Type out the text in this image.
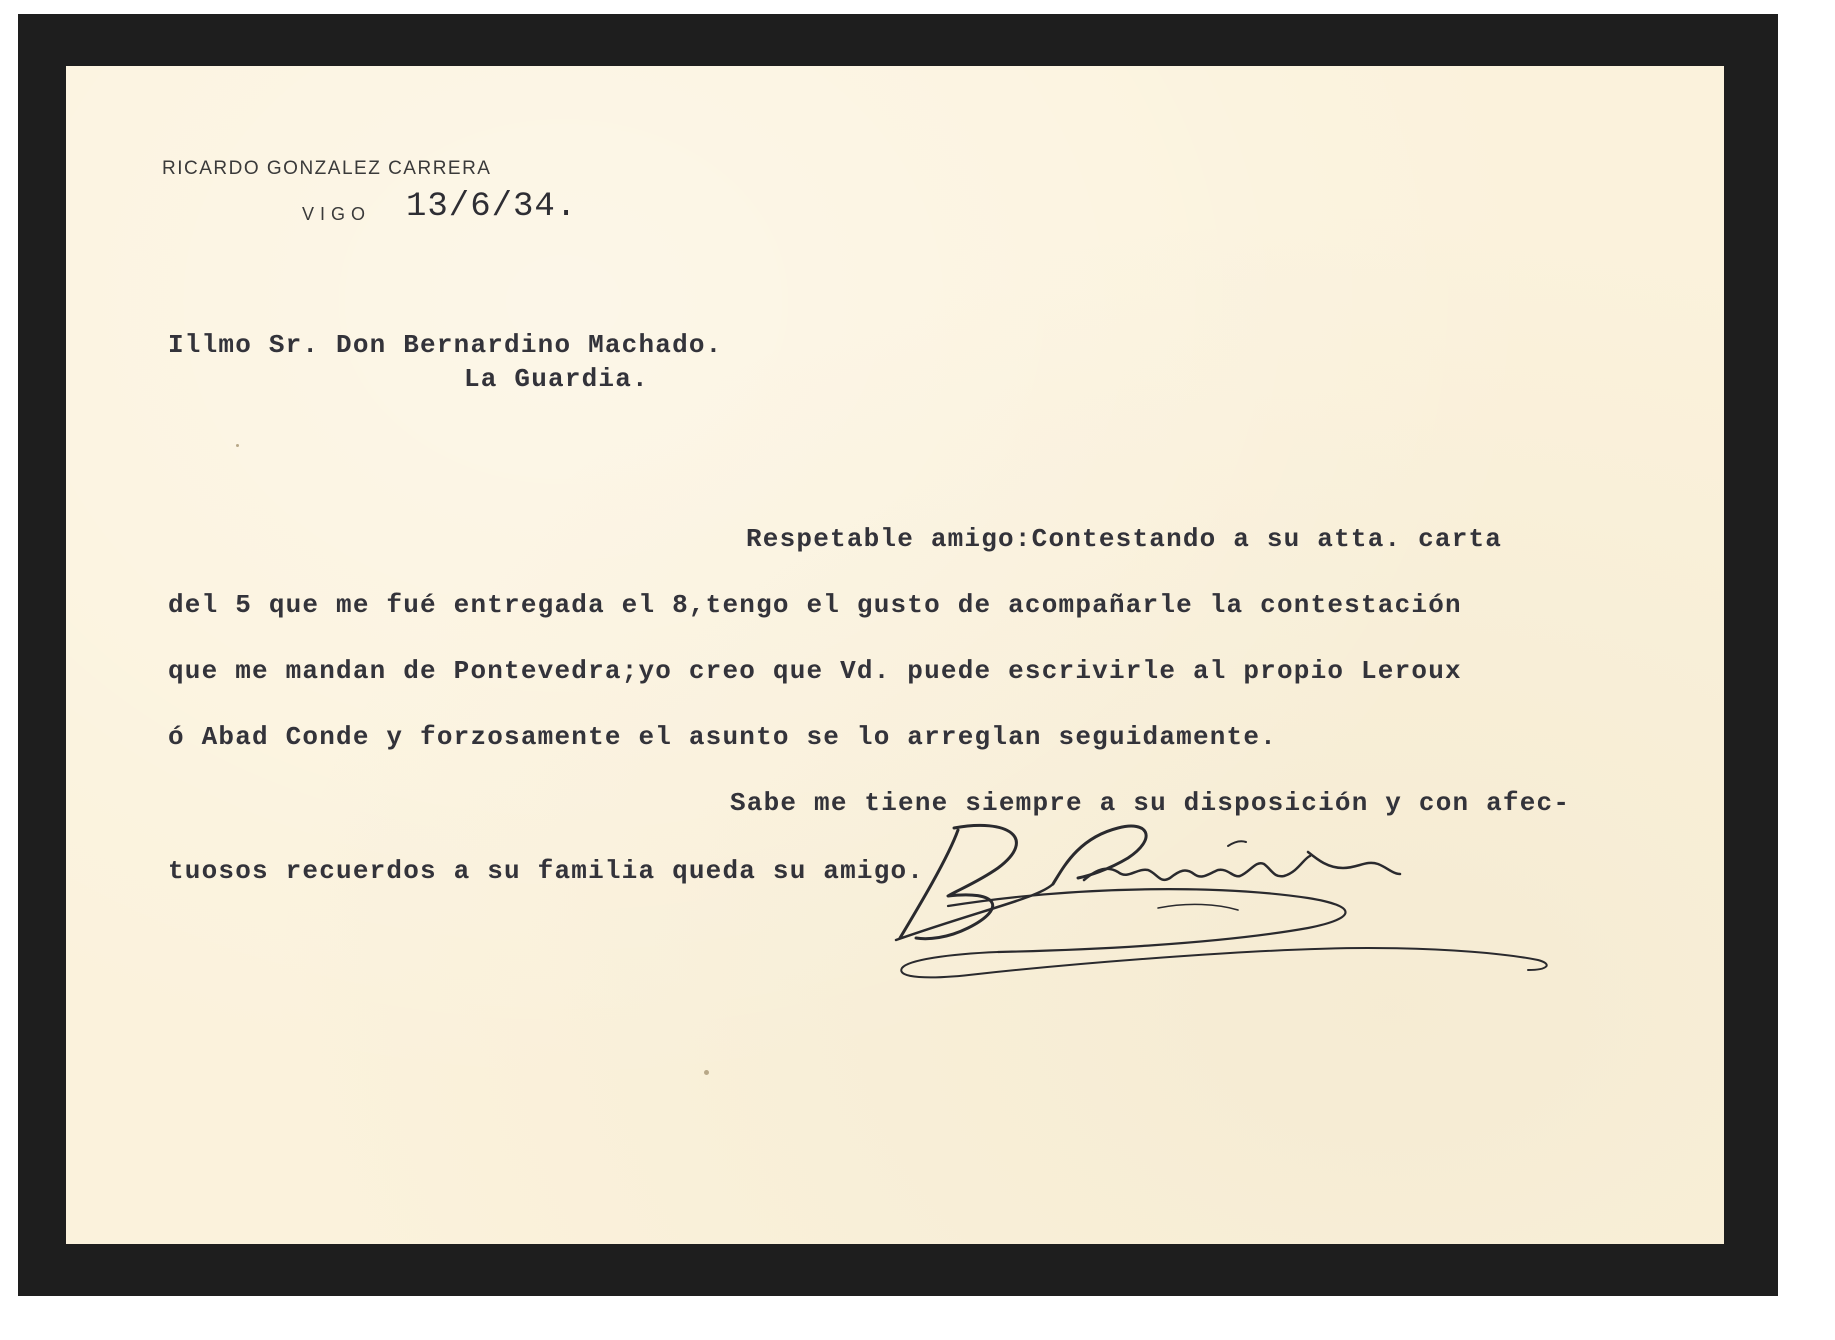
RICARDO GONZALEZ CARRERA
VIGO 13/6/34.
Illmo Sr. Don Bernardino Machado.
La Guardia.
Respetable amigo:Contestando a su atta. carta
del 5 que me fué entregada el 8,tengo el gusto de acompañarle la contestación
que me mandan de Pontevedra;yo creo que Vd. puede escrivirle al propio Leroux
ó Abad Conde y forzosamente el asunto se lo arreglan seguidamente.
Sabe me tiene siempre a su disposición y con afec-
tuosos recuerdos a su familia queda su amigo.
